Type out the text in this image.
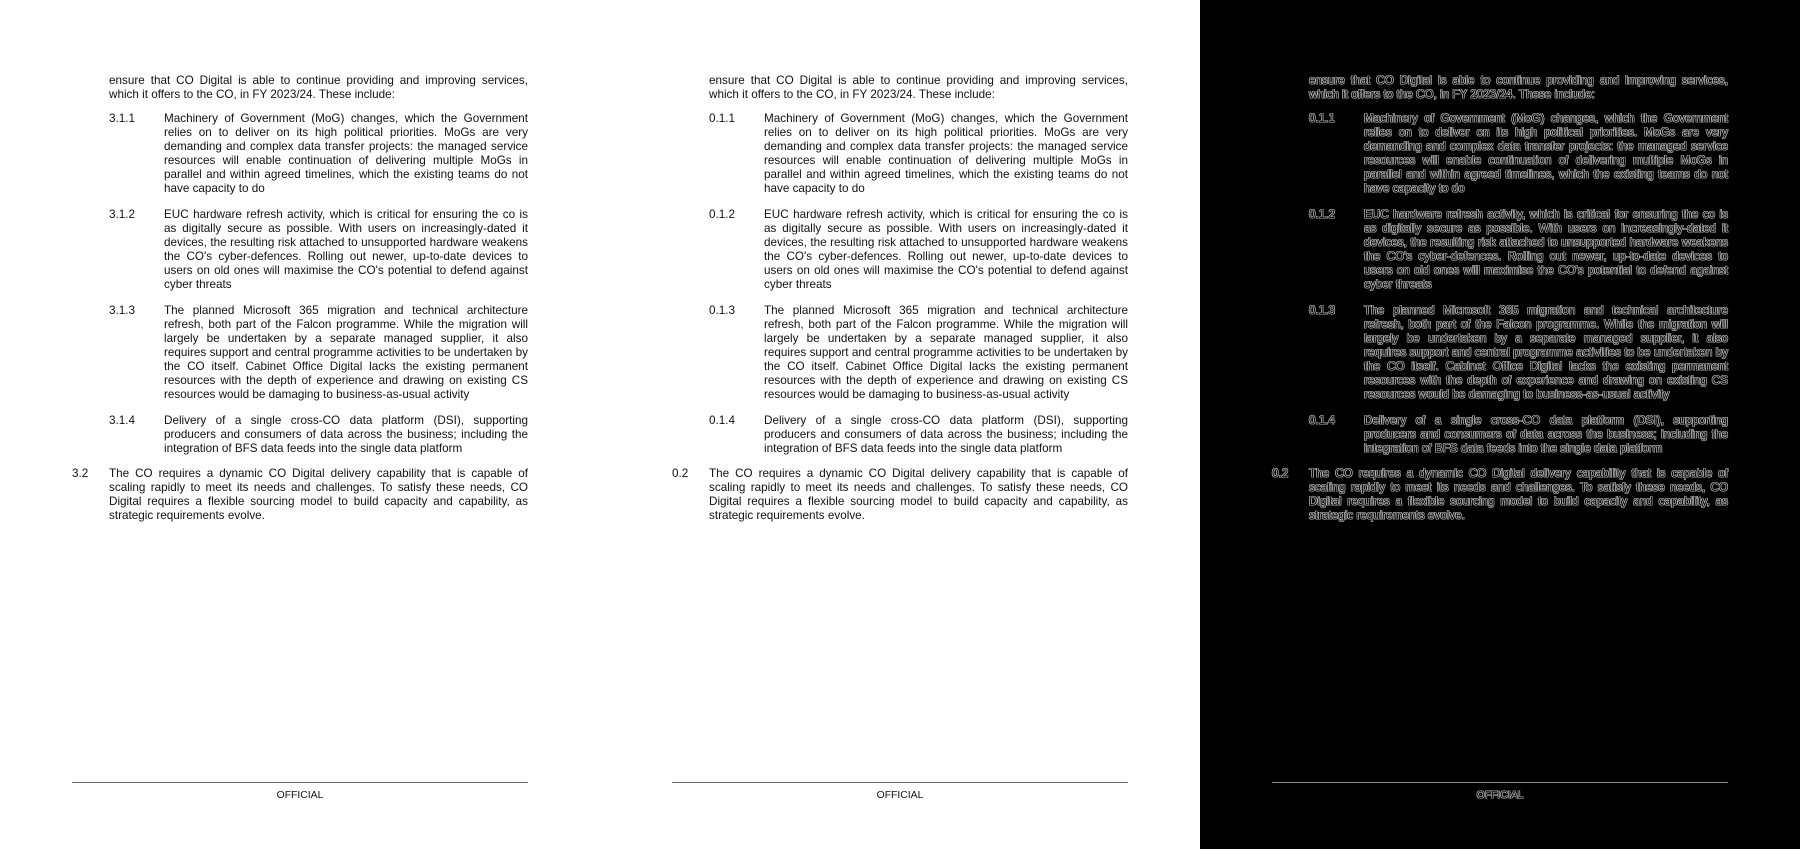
ensure that CO Digital is able to continue providing and improving services, which it offers to the CO, in FY 2023/24. These include:

3.1.1 Machinery of Government (MoG) changes, which the Government relies on to deliver on its high political priorities. MoGs are very demanding and complex data transfer projects: the managed service resources will enable continuation of delivering multiple MoGs in parallel and within agreed timelines, which the existing teams do not have capacity to do

3.1.2 EUC hardware refresh activity, which is critical for ensuring the co is as digitally secure as possible. With users on increasingly-dated it devices, the resulting risk attached to unsupported hardware weakens the CO's cyber-defences. Rolling out newer, up-to-date devices to users on old ones will maximise the CO's potential to defend against cyber threats

3.1.3 The planned Microsoft 365 migration and technical architecture refresh, both part of the Falcon programme. While the migration will largely be undertaken by a separate managed supplier, it also requires support and central programme activities to be undertaken by the CO itself. Cabinet Office Digital lacks the existing permanent resources with the depth of experience and drawing on existing CS resources would be damaging to business-as-usual activity

3.1.4 Delivery of a single cross-CO data platform (DSI), supporting producers and consumers of data across the business; including the integration of BFS data feeds into the single data platform

3.2 The CO requires a dynamic CO Digital delivery capability that is capable of scaling rapidly to meet its needs and challenges. To satisfy these needs, CO Digital requires a flexible sourcing model to build capacity and capability, as strategic requirements evolve.

OFFICIAL

ensure that CO Digital is able to continue providing and improving services, which it offers to the CO, in FY 2023/24. These include:

0.1.1 Machinery of Government (MoG) changes, which the Government relies on to deliver on its high political priorities. MoGs are very demanding and complex data transfer projects: the managed service resources will enable continuation of delivering multiple MoGs in parallel and within agreed timelines, which the existing teams do not have capacity to do

0.1.2 EUC hardware refresh activity, which is critical for ensuring the co is as digitally secure as possible. With users on increasingly-dated it devices, the resulting risk attached to unsupported hardware weakens the CO's cyber-defences. Rolling out newer, up-to-date devices to users on old ones will maximise the CO's potential to defend against cyber threats

0.1.3 The planned Microsoft 365 migration and technical architecture refresh, both part of the Falcon programme. While the migration will largely be undertaken by a separate managed supplier, it also requires support and central programme activities to be undertaken by the CO itself. Cabinet Office Digital lacks the existing permanent resources with the depth of experience and drawing on existing CS resources would be damaging to business-as-usual activity

0.1.4 Delivery of a single cross-CO data platform (DSI), supporting producers and consumers of data across the business; including the integration of BFS data feeds into the single data platform

0.2 The CO requires a dynamic CO Digital delivery capability that is capable of scaling rapidly to meet its needs and challenges. To satisfy these needs, CO Digital requires a flexible sourcing model to build capacity and capability, as strategic requirements evolve.

OFFICIAL

ensure that CO Digital is able to continue providing and improving services, which it offers to the CO, in FY 2023/24. These include:

0.1.1 Machinery of Government (MoG) changes, which the Government relies on to deliver on its high political priorities. MoGs are very demanding and complex data transfer projects: the managed service resources will enable continuation of delivering multiple MoGs in parallel and within agreed timelines, which the existing teams do not have capacity to do

0.1.2 EUC hardware refresh activity, which is critical for ensuring the co is as digitally secure as possible. With users on increasingly-dated it devices, the resulting risk attached to unsupported hardware weakens the CO's cyber-defences. Rolling out newer, up-to-date devices to users on old ones will maximise the CO's potential to defend against cyber threats

0.1.3 The planned Microsoft 365 migration and technical architecture refresh, both part of the Falcon programme. While the migration will largely be undertaken by a separate managed supplier, it also requires support and central programme activities to be undertaken by the CO itself. Cabinet Office Digital lacks the existing permanent resources with the depth of experience and drawing on existing CS resources would be damaging to business-as-usual activity

0.1.4 Delivery of a single cross-CO data platform (DSI), supporting producers and consumers of data across the business; including the integration of BFS data feeds into the single data platform

0.2 The CO requires a dynamic CO Digital delivery capability that is capable of scaling rapidly to meet its needs and challenges. To satisfy these needs, CO Digital requires a flexible sourcing model to build capacity and capability, as strategic requirements evolve.

OFFICIAL
